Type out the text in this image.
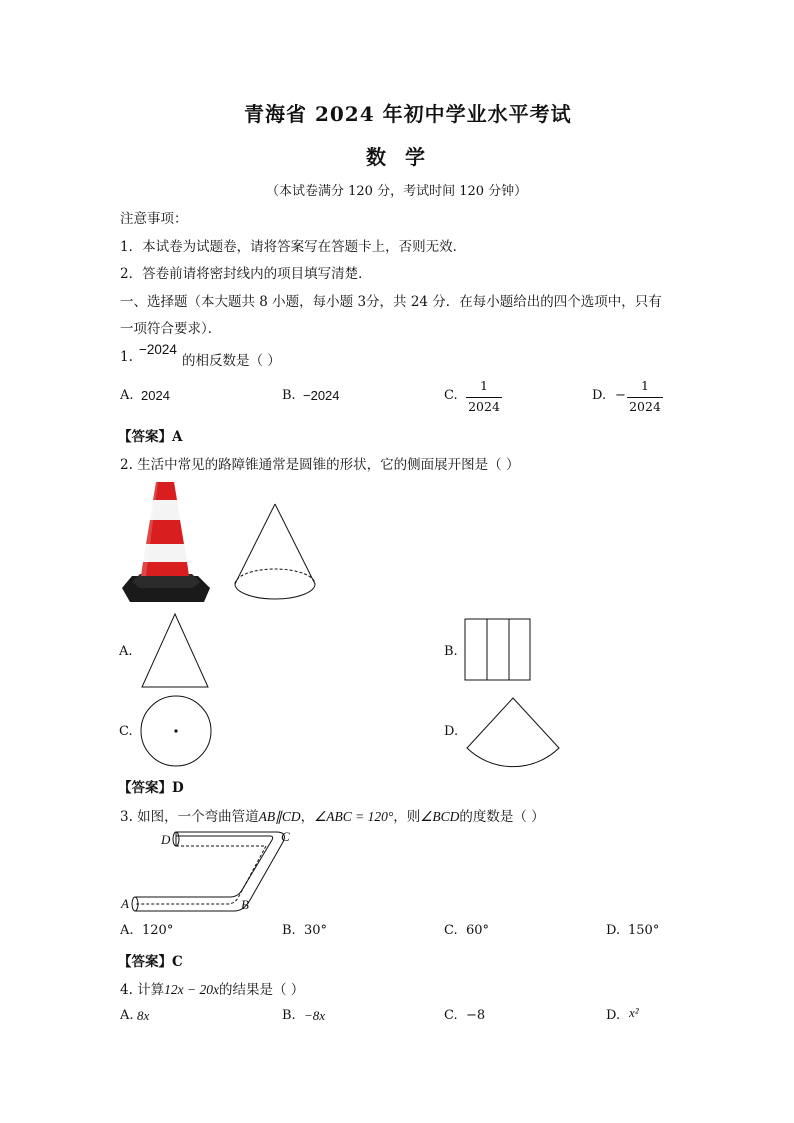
青海省 2024 年初中学业水平考试
数 学
（本试卷满分 120 分，考试时间 120 分钟）
注意事项：
1．本试卷为试题卷，请将答案写在答题卡上，否则无效．
2．答卷前请将密封线内的项目填写清楚．
一、选择题（本大题共 8 小题，每小题 3分，共 24 分．在每小题给出的四个选项中，只有
一项符合要求）．
1. −2024
的相反数是（ ）
A. 2024	B. −2024	C.
1
2024
D. −
1
2024
【答案】A
2. 生活中常见的路障锥通常是圆锥的形状，它的侧面展开图是（ ）
A.	B.
C.	D.
【答案】D
3. 如图，一个弯曲管道AB∥CD，∠ABC = 120°，则∠BCD的度数是（ ）
D	C
A	B
A. 120°	B. 30°	C. 60°	D. 150°
【答案】C
4. 计算12x − 20x的结果是（ ）
A. 8x	B. −8x	C. −8	D. x²
